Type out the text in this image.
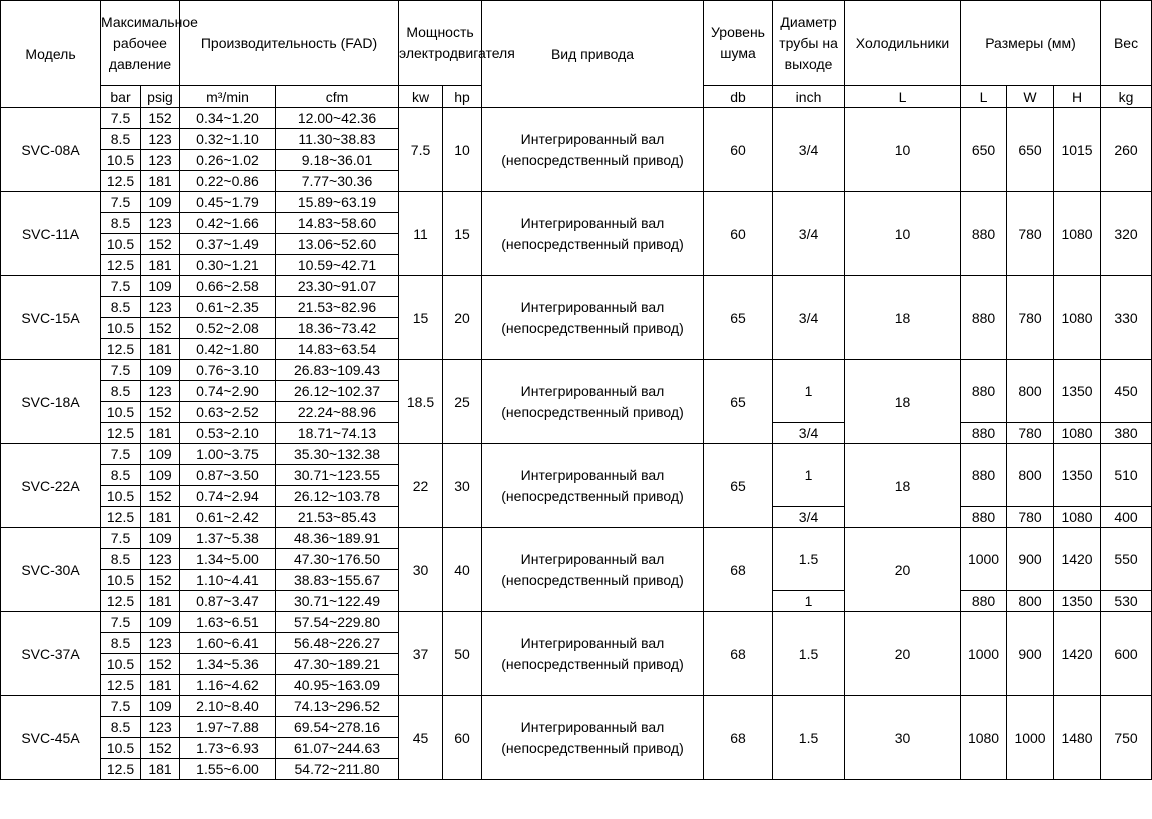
Модель	Максимальное рабочее давление		Производительность (FAD)		Мощность электродвигателя		Вид привода	Уровень шума	Диаметр трубы на выходе	Холодильники	Размеры (мм)			Вес
	bar	psig	m³/min	cfm	kw	hp		db	inch	L	L	W	H	kg
SVC-08A	7.5	152	0.34~1.20	12.00~42.36	7.5	10	Интегрированный вал (непосредственный привод)	60	3/4	10	650	650	1015	260
	8.5	123	0.32~1.10	11.30~38.83										
	10.5	123	0.26~1.02	9.18~36.01										
	12.5	181	0.22~0.86	7.77~30.36										
SVC-11A	7.5	109	0.45~1.79	15.89~63.19	11	15	Интегрированный вал (непосредственный привод)	60	3/4	10	880	780	1080	320
	8.5	123	0.42~1.66	14.83~58.60										
	10.5	152	0.37~1.49	13.06~52.60										
	12.5	181	0.30~1.21	10.59~42.71										
SVC-15A	7.5	109	0.66~2.58	23.30~91.07	15	20	Интегрированный вал (непосредственный привод)	65	3/4	18	880	780	1080	330
	8.5	123	0.61~2.35	21.53~82.96										
	10.5	152	0.52~2.08	18.36~73.42										
	12.5	181	0.42~1.80	14.83~63.54										
SVC-18A	7.5	109	0.76~3.10	26.83~109.43	18.5	25	Интегрированный вал (непосредственный привод)	65	1	18	880	800	1350	450
	8.5	123	0.74~2.90	26.12~102.37										
	10.5	152	0.63~2.52	22.24~88.96										
	12.5	181	0.53~2.10	18.71~74.13					3/4		880	780	1080	380
SVC-22A	7.5	109	1.00~3.75	35.30~132.38	22	30	Интегрированный вал (непосредственный привод)	65	1	18	880	800	1350	510
	8.5	109	0.87~3.50	30.71~123.55										
	10.5	152	0.74~2.94	26.12~103.78										
	12.5	181	0.61~2.42	21.53~85.43					3/4		880	780	1080	400
SVC-30A	7.5	109	1.37~5.38	48.36~189.91	30	40	Интегрированный вал (непосредственный привод)	68	1.5	20	1000	900	1420	550
	8.5	123	1.34~5.00	47.30~176.50										
	10.5	152	1.10~4.41	38.83~155.67										
	12.5	181	0.87~3.47	30.71~122.49					1		880	800	1350	530
SVC-37A	7.5	109	1.63~6.51	57.54~229.80	37	50	Интегрированный вал (непосредственный привод)	68	1.5	20	1000	900	1420	600
	8.5	123	1.60~6.41	56.48~226.27										
	10.5	152	1.34~5.36	47.30~189.21										
	12.5	181	1.16~4.62	40.95~163.09										
SVC-45A	7.5	109	2.10~8.40	74.13~296.52	45	60	Интегрированный вал (непосредственный привод)	68	1.5	30	1080	1000	1480	750
	8.5	123	1.97~7.88	69.54~278.16										
	10.5	152	1.73~6.93	61.07~244.63										
	12.5	181	1.55~6.00	54.72~211.80										
